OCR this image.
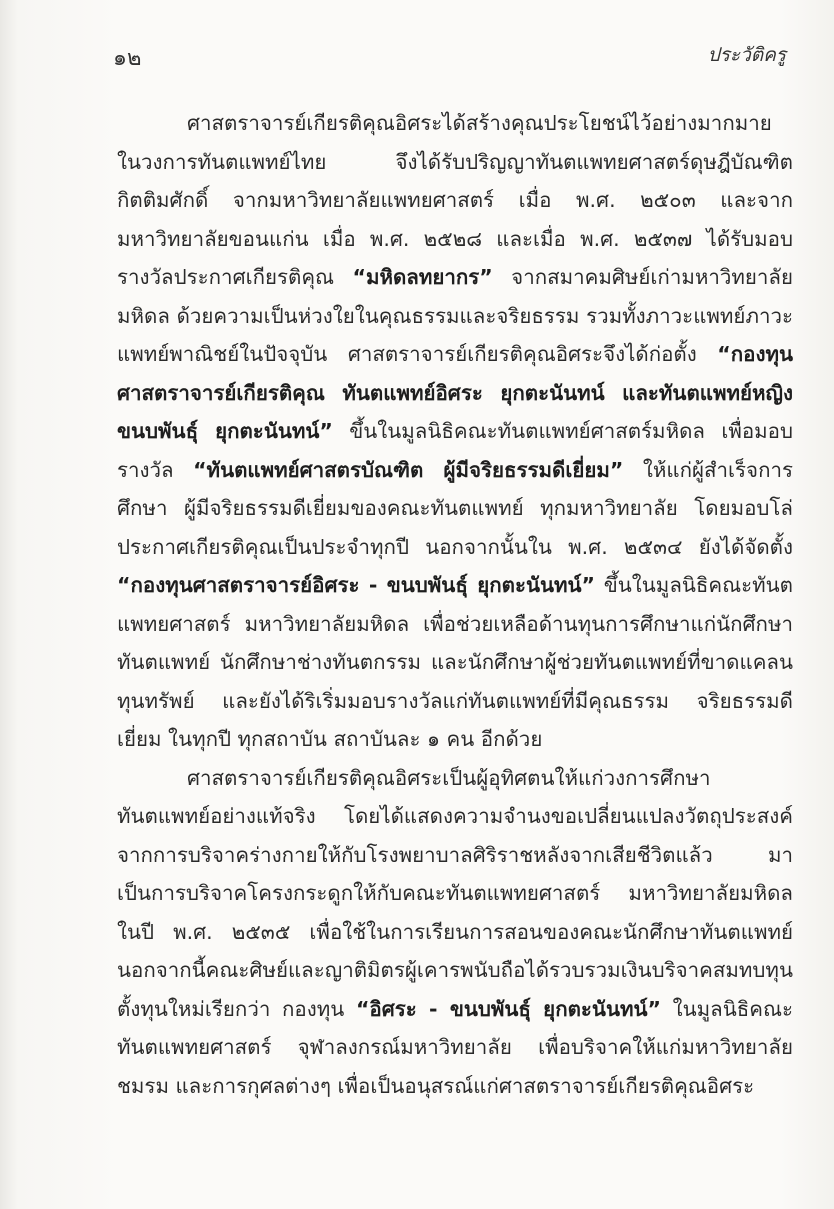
๑๒	ประวัติครู

ศาสตราจารย์เกียรติคุณอิศระได้สร้างคุณประโยชน์ไว้อย่างมากมายในวงการทันตแพทย์ไทย จึงได้รับปริญญาทันตแพทยศาสตร์ดุษฎีบัณฑิตกิตติมศักดิ์ จากมหาวิทยาลัยแพทยศาสตร์ เมื่อ พ.ศ. ๒๕๐๓ และจากมหาวิทยาลัยขอนแก่น เมื่อ พ.ศ. ๒๕๒๘ และเมื่อ พ.ศ. ๒๕๓๗ ได้รับมอบรางวัลประกาศเกียรติคุณ “มหิดลทยากร” จากสมาคมศิษย์เก่ามหาวิทยาลัยมหิดล ด้วยความเป็นห่วงใยในคุณธรรมและจริยธรรม รวมทั้งภาวะแพทย์ภาวะแพทย์พาณิชย์ในปัจจุบัน ศาสตราจารย์เกียรติคุณอิศระจึงได้ก่อตั้ง “กองทุนศาสตราจารย์เกียรติคุณ ทันตแพทย์อิศระ ยุกตะนันทน์ และทันตแพทย์หญิงขนบพันธุ์ ยุกตะนันทน์” ขึ้นในมูลนิธิคณะทันตแพทย์ศาสตร์มหิดล เพื่อมอบรางวัล “ทันตแพทย์ศาสตรบัณฑิต ผู้มีจริยธรรมดีเยี่ยม” ให้แก่ผู้สำเร็จการศึกษา ผู้มีจริยธรรมดีเยี่ยมของคณะทันตแพทย์ ทุกมหาวิทยาลัย โดยมอบโล่ประกาศเกียรติคุณเป็นประจำทุกปี นอกจากนั้นใน พ.ศ. ๒๕๓๔ ยังได้จัดตั้ง “กองทุนศาสตราจารย์อิศระ - ขนบพันธุ์ ยุกตะนันทน์” ขึ้นในมูลนิธิคณะทันตแพทยศาสตร์ มหาวิทยาลัยมหิดล เพื่อช่วยเหลือด้านทุนการศึกษาแก่นักศึกษาทันตแพทย์ นักศึกษาช่างทันตกรรม และนักศึกษาผู้ช่วยทันตแพทย์ที่ขาดแคลนทุนทรัพย์ และยังได้ริเริ่มมอบรางวัลแก่ทันตแพทย์ที่มีคุณธรรม จริยธรรมดีเยี่ยม ในทุกปี ทุกสถาบัน สถาบันละ ๑ คน อีกด้วย

ศาสตราจารย์เกียรติคุณอิศระเป็นผู้อุทิศตนให้แก่วงการศึกษาทันตแพทย์อย่างแท้จริง โดยได้แสดงความจำนงขอเปลี่ยนแปลงวัตถุประสงค์จากการบริจาคร่างกายให้กับโรงพยาบาลศิริราชหลังจากเสียชีวิตแล้ว มาเป็นการบริจาคโครงกระดูกให้กับคณะทันตแพทยศาสตร์ มหาวิทยาลัยมหิดล ในปี พ.ศ. ๒๕๓๕ เพื่อใช้ในการเรียนการสอนของคณะนักศึกษาทันตแพทย์ นอกจากนี้คณะศิษย์และญาติมิตรผู้เคารพนับถือได้รวบรวมเงินบริจาคสมทบทุนตั้งทุนใหม่เรียกว่า กองทุน “อิศระ - ขนบพันธุ์ ยุกตะนันทน์” ในมูลนิธิคณะทันตแพทยศาสตร์ จุฬาลงกรณ์มหาวิทยาลัย เพื่อบริจาคให้แก่มหาวิทยาลัย ชมรม และการกุศลต่างๆ เพื่อเป็นอนุสรณ์แก่ศาสตราจารย์เกียรติคุณอิศระ
